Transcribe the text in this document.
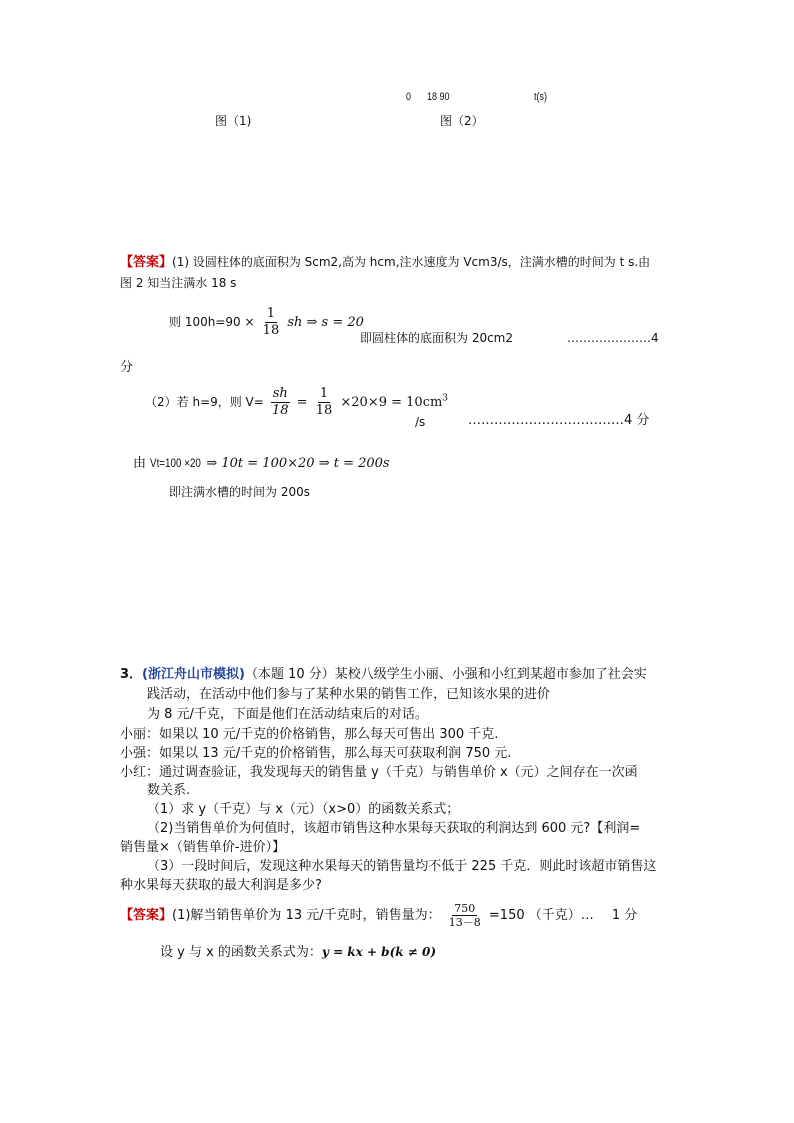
0 18 90	t(s)
图（1)	图（2）
【答案】(1) 设圆柱体的底面积为 Scm2,高为 hcm,注水速度为 Vcm3/s，注满水槽的时间为 t s.由
图 2 知当注满水 18 s
则 $100h=90 \times \frac{1}{18}$ sh ⇒ s = 20
即圆柱体的底面积为 20cm2	…………………4
分
（2）若 h=9，则 $V= \frac{sh}{18} = \frac{1}{18} \times 20\times 9 = 10cm^3$
/s	………………………………4 分
由 Vt=100 ×20 ⇒ 10t = 100×20 ⇒ t = 200s
即注满水槽的时间为 200s
3．(浙江舟山市模拟)（本题 10 分）某校八级学生小丽、小强和小红到某超市参加了社会实
践活动，在活动中他们参与了某种水果的销售工作，已知该水果的进价
为 8 元/千克，下面是他们在活动结束后的对话。
小丽：如果以 10 元/千克的价格销售，那么每天可售出 300 千克.
小强：如果以 13 元/千克的价格销售，那么每天可获取利润 750 元.
小红：通过调查验证，我发现每天的销售量 y（千克）与销售单价 x（元）之间存在一次函
数关系.
（1）求 y（千克）与 x（元）（x>0）的函数关系式；
（2)当销售单价为何值时，该超市销售这种水果每天获取的利润达到 600 元?【利润=
销售量×（销售单价-进价）】
（3）一段时间后，发现这种水果每天的销售量均不低于 225 千克．则此时该超市销售这
种水果每天获取的最大利润是多少?
【答案】(1)解当销售单价为 13 元/千克时，销售量为： $\frac{750}{13-8} =150$ （千克）… 1 分
设 y 与 x 的函数关系式为：y = kx + b(k ≠ 0)
